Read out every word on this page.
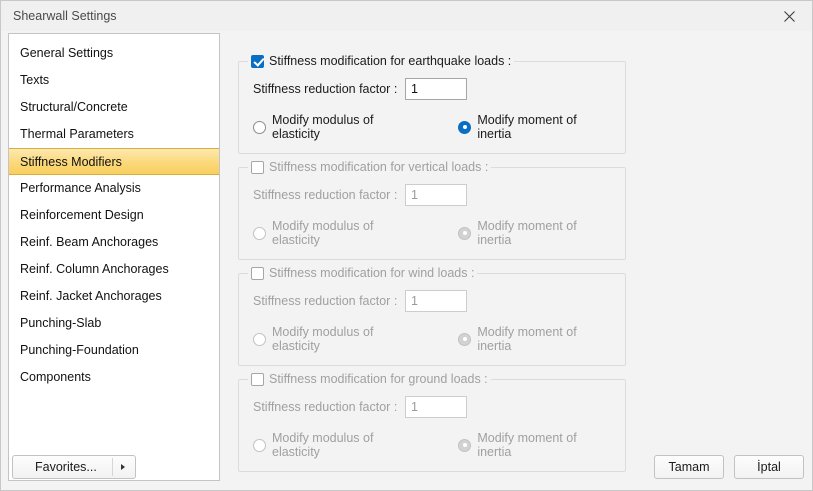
Shearwall Settings
General Settings
Texts
Structural/Concrete
Thermal Parameters
Stiffness Modifiers
Performance Analysis
Reinforcement Design
Reinf. Beam Anchorages
Reinf. Column Anchorages
Reinf. Jacket Anchorages
Punching-Slab
Punching-Foundation
Components
Stiffness modification for earthquake loads :
Stiffness reduction factor :
1
Modify modulus of elasticity
Modify moment of inertia
Stiffness modification for vertical loads :
Stiffness reduction factor :
1
Modify modulus of elasticity
Modify moment of inertia
Stiffness modification for wind loads :
Stiffness reduction factor :
1
Modify modulus of elasticity
Modify moment of inertia
Stiffness modification for ground loads :
Stiffness reduction factor :
1
Modify modulus of elasticity
Modify moment of inertia
Favorites...	Tamam	İptal
